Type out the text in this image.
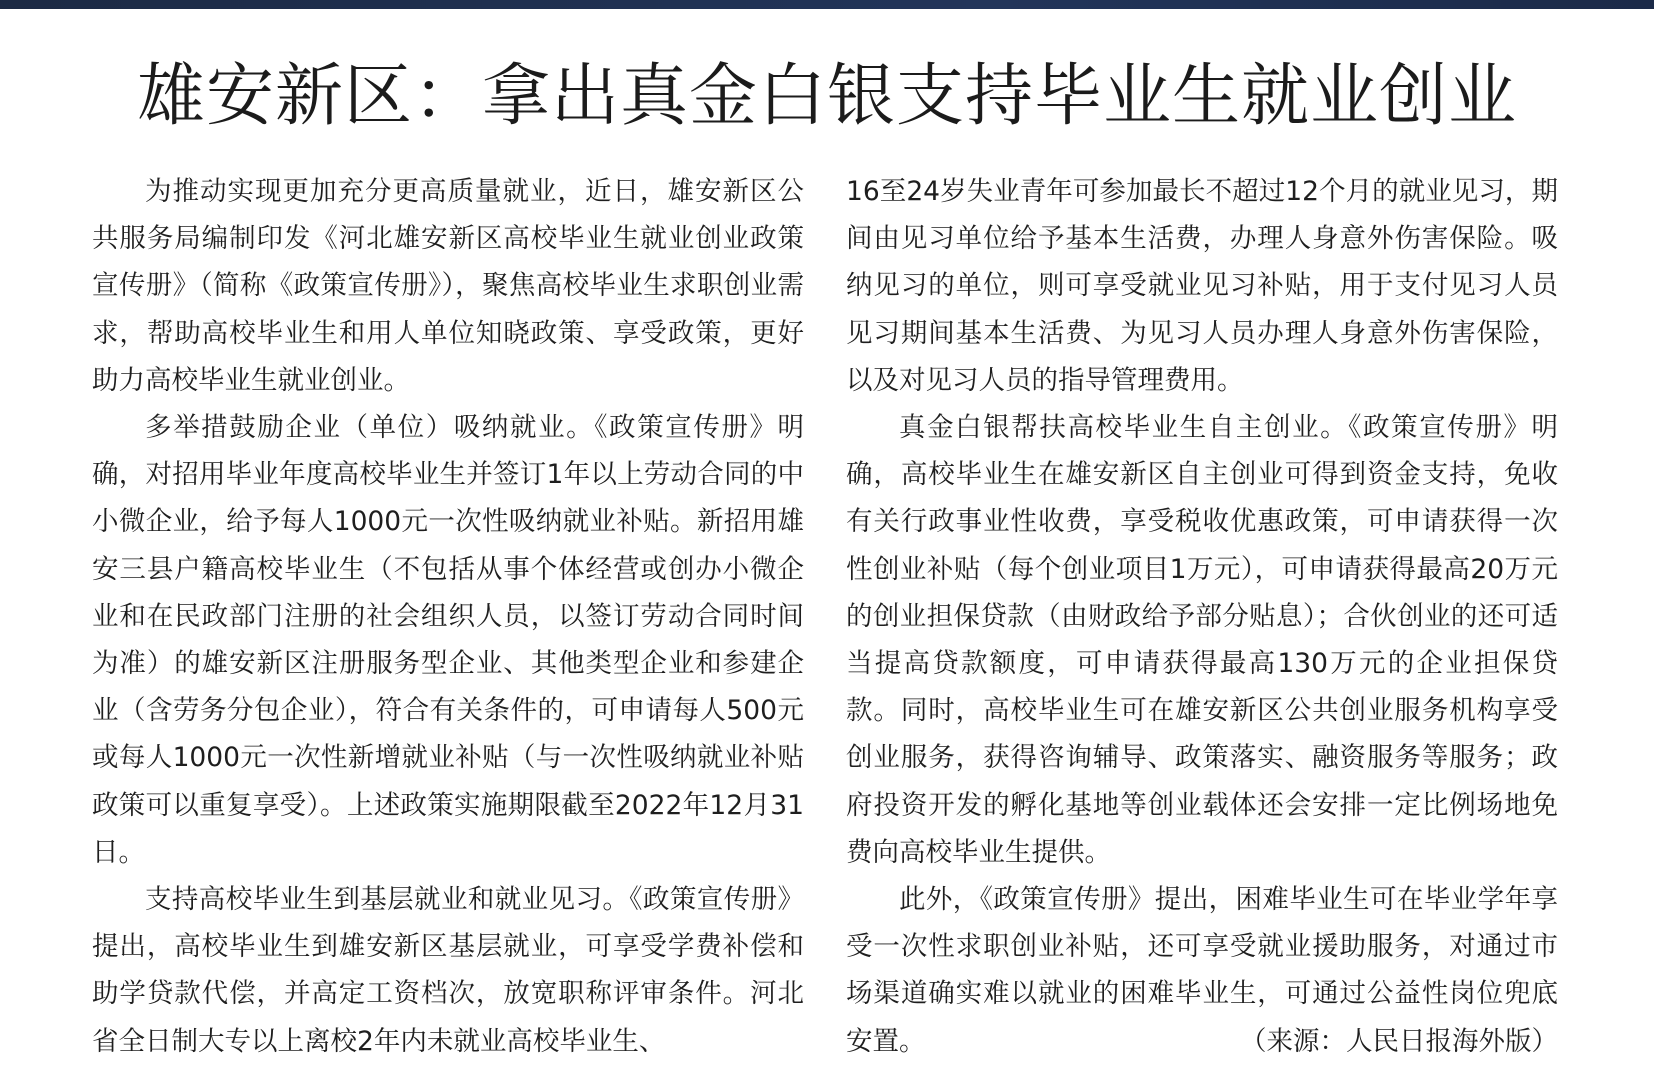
雄安新区：拿出真金白银支持毕业生就业创业

为推动实现更加充分更高质量就业，近日，雄安新区公共服务局编制印发《河北雄安新区高校毕业生就业创业政策宣传册》（简称《政策宣传册》），聚焦高校毕业生求职创业需求，帮助高校毕业生和用人单位知晓政策、享受政策，更好助力高校毕业生就业创业。

多举措鼓励企业（单位）吸纳就业。《政策宣传册》明确，对招用毕业年度高校毕业生并签订1年以上劳动合同的中小微企业，给予每人1000元一次性吸纳就业补贴。新招用雄安三县户籍高校毕业生（不包括从事个体经营或创办小微企业和在民政部门注册的社会组织人员，以签订劳动合同时间为准）的雄安新区注册服务型企业、其他类型企业和参建企业（含劳务分包企业），符合有关条件的，可申请每人500元或每人1000元一次性新增就业补贴（与一次性吸纳就业补贴政策可以重复享受）。上述政策实施期限截至2022年12月31日。

支持高校毕业生到基层就业和就业见习。《政策宣传册》提出，高校毕业生到雄安新区基层就业，可享受学费补偿和助学贷款代偿，并高定工资档次，放宽职称评审条件。河北省全日制大专以上离校2年内未就业高校毕业生、

16至24岁失业青年可参加最长不超过12个月的就业见习，期间由见习单位给予基本生活费，办理人身意外伤害保险。吸纳见习的单位，则可享受就业见习补贴，用于支付见习人员见习期间基本生活费、为见习人员办理人身意外伤害保险，以及对见习人员的指导管理费用。

真金白银帮扶高校毕业生自主创业。《政策宣传册》明确，高校毕业生在雄安新区自主创业可得到资金支持，免收有关行政事业性收费，享受税收优惠政策，可申请获得一次性创业补贴（每个创业项目1万元），可申请获得最高20万元的创业担保贷款（由财政给予部分贴息）；合伙创业的还可适当提高贷款额度，可申请获得最高130万元的企业担保贷款。同时，高校毕业生可在雄安新区公共创业服务机构享受创业服务，获得咨询辅导、政策落实、融资服务等服务；政府投资开发的孵化基地等创业载体还会安排一定比例场地免费向高校毕业生提供。

此外，《政策宣传册》提出，困难毕业生可在毕业学年享受一次性求职创业补贴，还可享受就业援助服务，对通过市场渠道确实难以就业的困难毕业生，可通过公益性岗位兜底安置。	（来源：人民日报海外版）
